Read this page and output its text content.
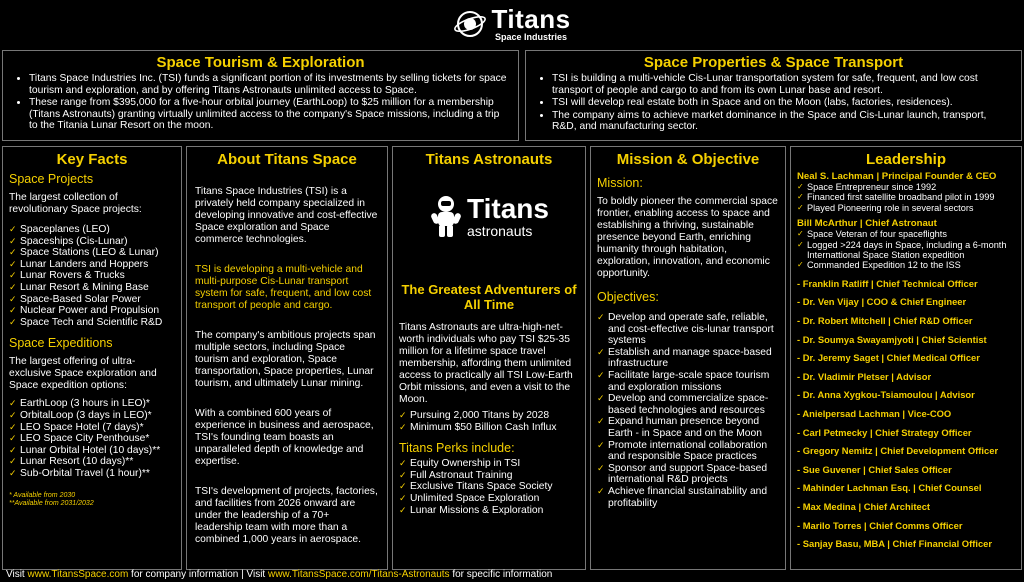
Titans
Space Industries
Space Tourism & Exploration
• Titans Space Industries Inc. (TSI) funds a significant portion of its investments by selling tickets for space tourism and exploration, and by offering Titans Astronauts unlimited access to Space.
• These range from $395,000 for a five-hour orbital journey (EarthLoop) to $25 million for a membership (Titans Astronauts) granting virtually unlimited access to the company's Space missions, including a trip to the Titania Lunar Resort on the moon.
Space Properties & Space Transport
• TSI is building a multi-vehicle Cis-Lunar transportation system for safe, frequent, and low cost transport of people and cargo to and from its own Lunar base and resort.
• TSI will develop real estate both in Space and on the Moon (labs, factories, residences).
• The company aims to achieve market dominance in the Space and Cis-Lunar launch, transport, R&D, and manufacturing sector.
Key Facts
Space Projects

The largest collection of revolutionary Space projects:

✓ Spaceplanes (LEO)
✓ Spaceships (Cis-Lunar)
✓ Space Stations (LEO & Lunar)
✓ Lunar Landers and Hoppers
✓ Lunar Rovers & Trucks
✓ Lunar Resort & Mining Base
✓ Space-Based Solar Power
✓ Nuclear Power and Propulsion
✓ Space Tech and Scientific R&D
Space Expeditions

The largest offering of ultra-exclusive Space exploration and Space expedition options:

✓ EarthLoop (3 hours in LEO)*
✓ OrbitalLoop (3 days in LEO)*
✓ LEO Space Hotel (7 days)*
✓ LEO Space City Penthouse*
✓ Lunar Orbital Hotel (10 days)**
✓ Lunar Resort (10 days)**
✓ Sub-Orbital Travel (1 hour)**
* Available from 2030
**Available from 2031/2032
About Titans Space

Titans Space Industries (TSI) is a privately held company specialized in developing innovative and cost-effective Space exploration and Space commerce technologies.

TSI is developing a multi-vehicle and multi-purpose Cis-Lunar transport system for safe, frequent, and low cost transport of people and cargo.

The company's ambitious projects span multiple sectors, including Space tourism and exploration, Space transportation, Space properties, Lunar tourism, and ultimately Lunar mining.

With a combined 600 years of experience in business and aerospace, TSI's founding team boasts an unparalleled depth of knowledge and expertise.

TSI's development of projects, factories, and facilities from 2026 onward are under the leadership of a 70+ leadership team with more than a combined 1,000 years in aerospace.

Titans Astronauts
Titans
astronauts
The Greatest Adventurers of All Time

Titans Astronauts are ultra-high-net-worth individuals who pay TSI $25-35 million for a lifetime space travel membership, affording them unlimited access to practically all TSI Low-Earth Orbit missions, and even a visit to the Moon.

✓ Pursuing 2,000 Titans by 2028
✓ Minimum $50 Billion Cash Influx
Titans Perks include:
✓ Equity Ownership in TSI
✓ Full Astronaut Training
✓ Exclusive Titans Space Society
✓ Unlimited Space Exploration
✓ Lunar Missions & Exploration
Mission & Objective
Mission:

To boldly pioneer the commercial space frontier, enabling access to space and establishing a thriving, sustainable presence beyond Earth, enriching humanity through habitation, exploration, innovation, and economic opportunity.

Objectives:
✓ Develop and operate safe, reliable, and cost-effective cis-lunar transport systems
✓ Establish and manage space-based infrastructure
✓ Facilitate large-scale space tourism and exploration missions
✓ Develop and commercialize space-based technologies and resources
✓ Expand human presence beyond Earth - in Space and on the Moon
✓ Promote international collaboration and responsible Space practices
✓ Sponsor and support Space-based international R&D projects
✓ Achieve financial sustainability and profitability
Leadership
Neal S. Lachman | Principal Founder & CEO
✓ Space Entrepreneur since 1992
✓ Financed first satellite broadband pilot in 1999
✓ Played Pioneering role in several sectors
Bill McArthur | Chief Astronaut
✓ Space Veteran of four spaceflights
✓ Logged >224 days in Space, including a 6-month Internattional Space Station expedition
✓ Commanded Expedition 12 to the ISS
- Franklin Ratliff | Chief Technical Officer
- Dr. Ven Vijay | COO & Chief Engineer
- Dr. Robert Mitchell | Chief R&D Officer
- Dr. Soumya Swayamjyoti | Chief Scientist
- Dr. Jeremy Saget | Chief Medical Officer
- Dr. Vladimir Pletser | Advisor
- Dr. Anna Xygkou-Tsiamoulou | Advisor
- Anielpersad Lachman | Vice-COO
- Carl Petmecky | Chief Strategy Officer
- Gregory Nemitz | Chief Development Officer
- Sue Guvener | Chief Sales Officer
- Mahinder Lachman Esq. | Chief Counsel
- Max Medina | Chief Architect
- Marilo Torres | Chief Comms Officer
- Sanjay Basu, MBA | Chief Financial Officer
Visit www.TitansSpace.com for company information | Visit www.TitansSpace.com/Titans-Astronauts for specific information
